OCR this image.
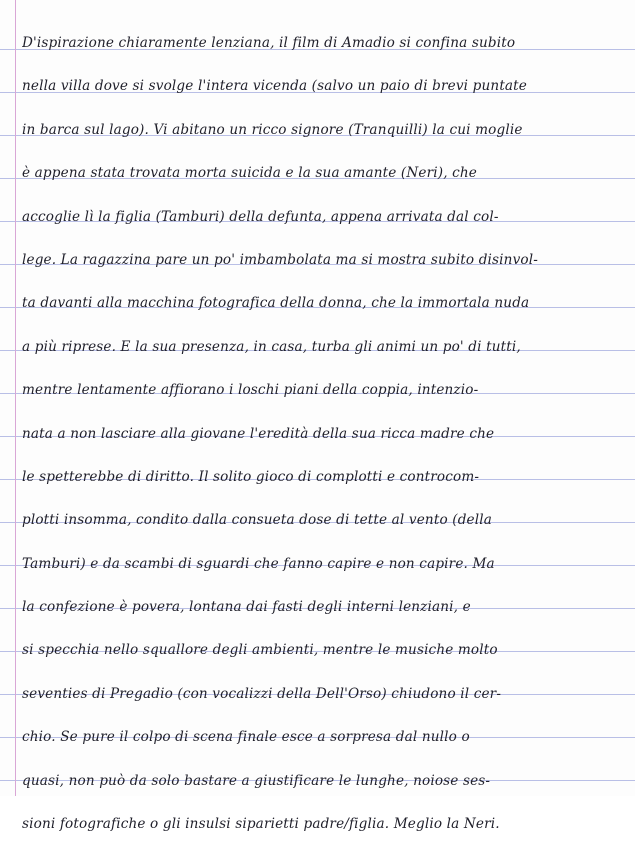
D'ispirazione chiaramente lenziana, il film di Amadio si confina subito
nella villa dove si svolge l'intera vicenda (salvo un paio di brevi puntate
in barca sul lago). Vi abitano un ricco signore (Tranquilli) la cui moglie
è appena stata trovata morta suicida e la sua amante (Neri), che
accoglie lì la figlia (Tamburi) della defunta, appena arrivata dal col-
lege. La ragazzina pare un po' imbambolata ma si mostra subito disinvol-
ta davanti alla macchina fotografica della donna, che la immortala nuda
a più riprese. E la sua presenza, in casa, turba gli animi un po' di tutti,
mentre lentamente affiorano i loschi piani della coppia, intenzio-
nata a non lasciare alla giovane l'eredità della sua ricca madre che
le spetterebbe di diritto. Il solito gioco di complotti e controcom-
plotti insomma, condito dalla consueta dose di tette al vento (della
Tamburi) e da scambi di sguardi che fanno capire e non capire. Ma
la confezione è povera, lontana dai fasti degli interni lenziani, e
si specchia nello squallore degli ambienti, mentre le musiche molto
seventies di Pregadio (con vocalizzi della Dell'Orso) chiudono il cer-
chio. Se pure il colpo di scena finale esce a sorpresa dal nullo o
quasi, non può da solo bastare a giustificare le lunghe, noiose ses-
sioni fotografiche o gli insulsi siparietti padre/figlia. Meglio la Neri.
